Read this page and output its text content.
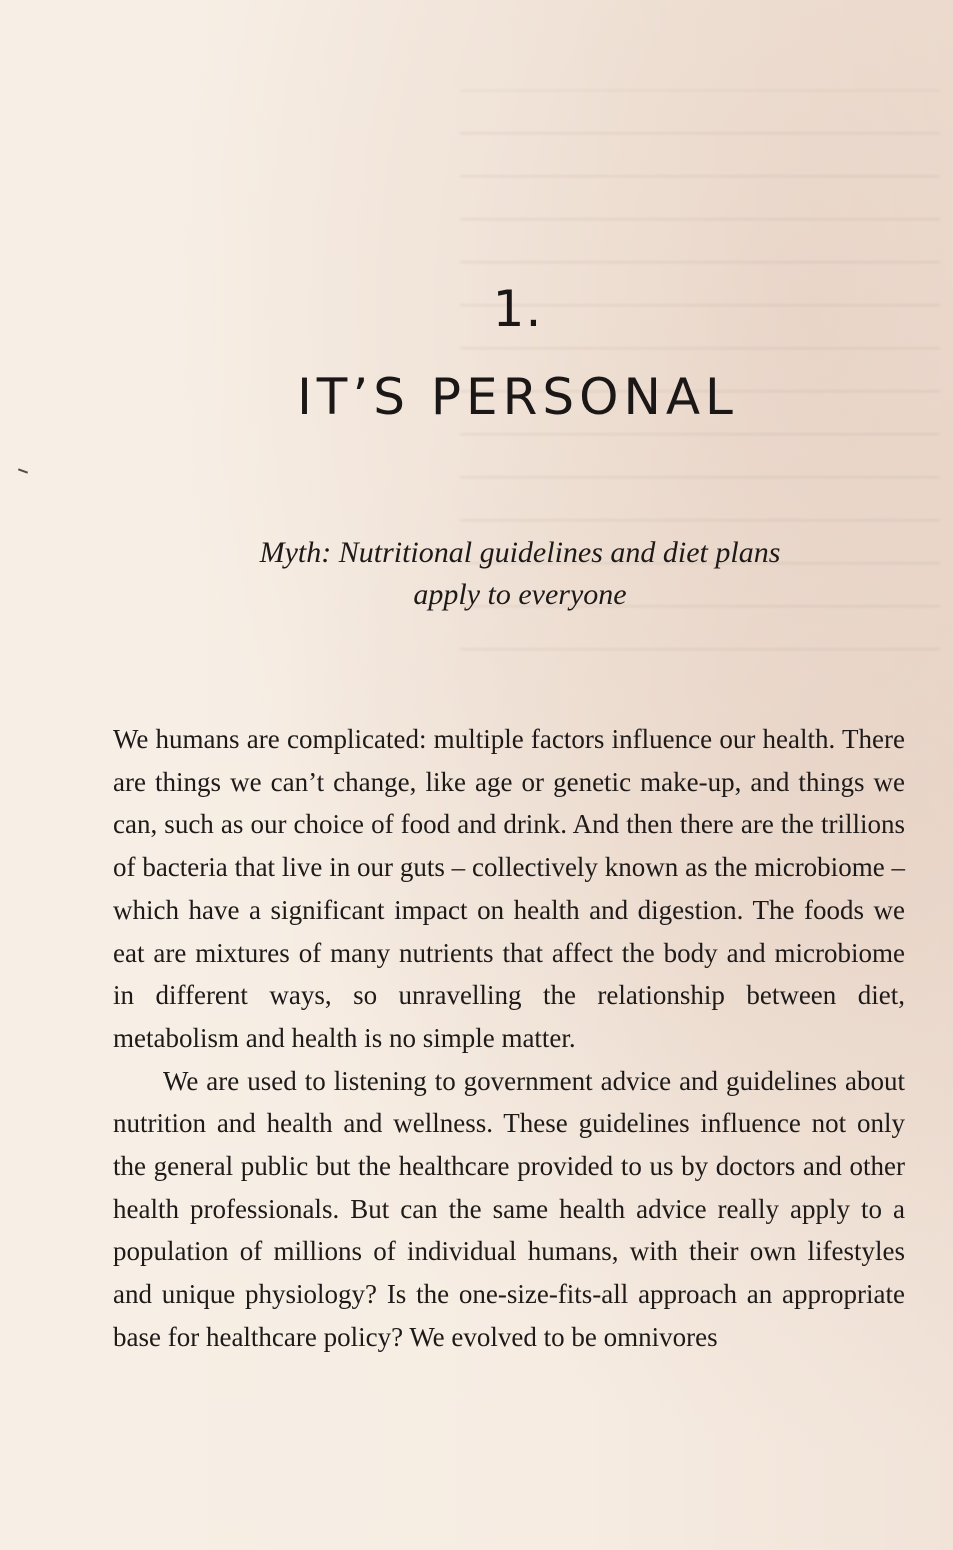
1.
IT’S PERSONAL
Myth: Nutritional guidelines and diet plans
apply to everyone

We humans are complicated: multiple factors influence our health. There are things we can’t change, like age or genetic make-up, and things we can, such as our choice of food and drink. And then there are the trillions of bacteria that live in our guts – collectively known as the microbiome – which have a significant impact on health and digestion. The foods we eat are mixtures of many nutrients that affect the body and microbiome in different ways, so unravelling the relationship between diet, metabolism and health is no simple matter.

We are used to listening to government advice and guidelines about nutrition and health and wellness. These guidelines influence not only the general public but the healthcare provided to us by doctors and other health professionals. But can the same health advice really apply to a population of millions of individual humans, with their own lifestyles and unique physiology? Is the one-size-fits-all approach an appropriate base for healthcare policy? We evolved to be omnivores
